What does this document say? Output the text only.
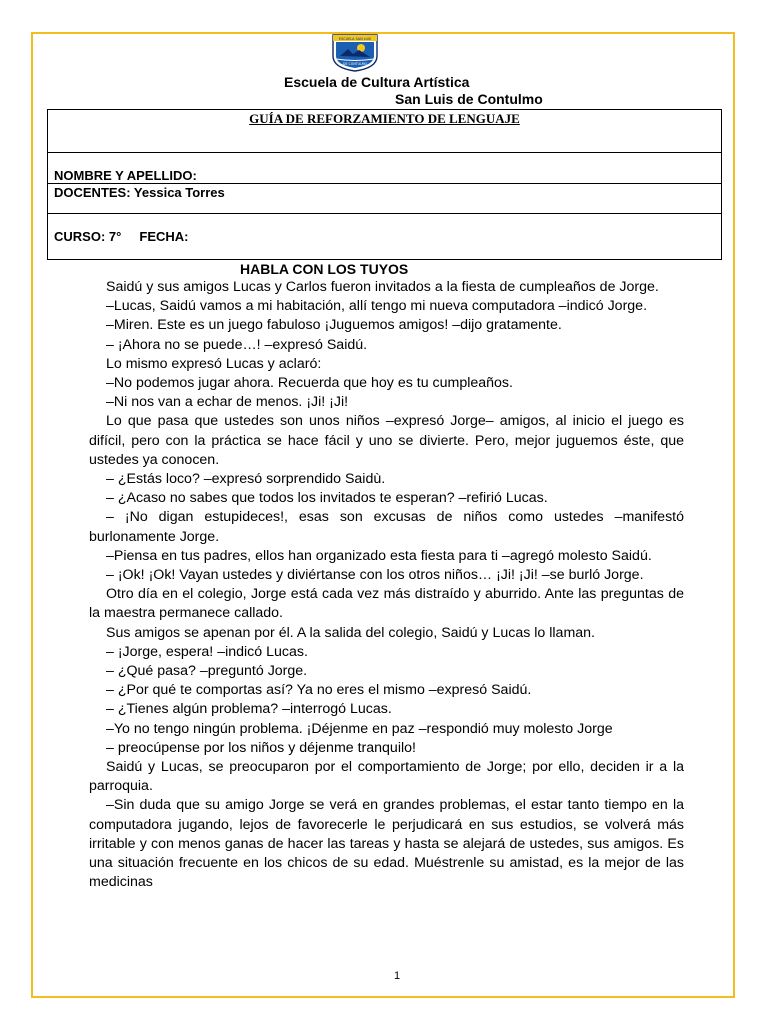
ESCUELA SAN LUIS
DE CONTULMO
Escuela de Cultura Artística
San Luis de Contulmo
GUÍA DE REFORZAMIENTO DE LENGUAJE
NOMBRE Y APELLIDO:
DOCENTES: Yessica Torres
CURSO: 7° FECHA:
HABLA CON LOS TUYOS

Saidú y sus amigos Lucas y Carlos fueron invitados a la fiesta de cumpleaños de Jorge.

–Lucas, Saidú vamos a mi habitación, allí tengo mi nueva computadora –indicó Jorge.

–Miren. Este es un juego fabuloso ¡Juguemos amigos! –dijo gratamente.

– ¡Ahora no se puede…! –expresó Saidú.

Lo mismo expresó Lucas y aclaró:

–No podemos jugar ahora. Recuerda que hoy es tu cumpleaños.

–Ni nos van a echar de menos. ¡Ji! ¡Ji!

Lo que pasa que ustedes son unos niños –expresó Jorge– amigos, al inicio el juego es difícil, pero con la práctica se hace fácil y uno se divierte. Pero, mejor juguemos éste, que ustedes ya conocen.

– ¿Estás loco? –expresó sorprendido Saidù.

– ¿Acaso no sabes que todos los invitados te esperan? –refirió Lucas.

– ¡No digan estupideces!, esas son excusas de niños como ustedes –manifestó burlonamente Jorge.

–Piensa en tus padres, ellos han organizado esta fiesta para ti –agregó molesto Saidú.

– ¡Ok! ¡Ok! Vayan ustedes y diviértanse con los otros niños… ¡Ji! ¡Ji! –se burló Jorge.

Otro día en el colegio, Jorge está cada vez más distraído y aburrido. Ante las preguntas de la maestra permanece callado.

Sus amigos se apenan por él. A la salida del colegio, Saidú y Lucas lo llaman.

– ¡Jorge, espera! –indicó Lucas.

– ¿Qué pasa? –preguntó Jorge.

– ¿Por qué te comportas así? Ya no eres el mismo –expresó Saidú.

– ¿Tienes algún problema? –interrogó Lucas.

–Yo no tengo ningún problema. ¡Déjenme en paz –respondió muy molesto Jorge

– preocúpense por los niños y déjenme tranquilo!

Saidú y Lucas, se preocuparon por el comportamiento de Jorge; por ello, deciden ir a la parroquia.

–Sin duda que su amigo Jorge se verá en grandes problemas, el estar tanto tiempo en la computadora jugando, lejos de favorecerle le perjudicará en sus estudios, se volverá más irritable y con menos ganas de hacer las tareas y hasta se alejará de ustedes, sus amigos. Es una situación frecuente en los chicos de su edad. Muéstrenle su amistad, es la mejor de las medicinas

1
